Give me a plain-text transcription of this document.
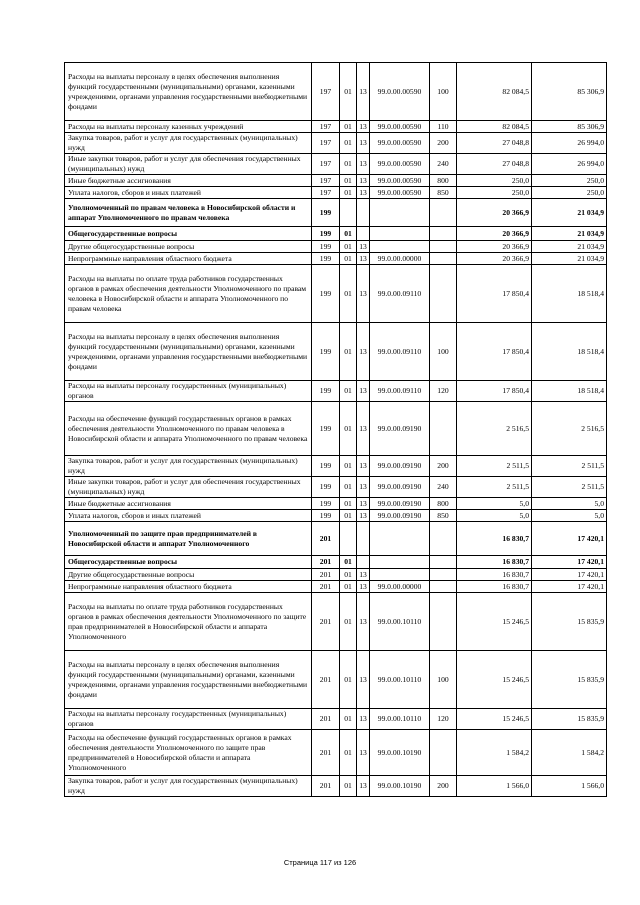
Расходы на выплаты персоналу в целях обеспечения выполнения функций государственными (муниципальными) органами, казенными учреждениями, органами управления государственными внебюджетными фондами	197	01	13	99.0.00.00590	100	82 084,5	85 306,9
Расходы на выплаты персоналу казенных учреждений	197	01	13	99.0.00.00590	110	82 084,5	85 306,9
Закупка товаров, работ и услуг для государственных (муниципальных) нужд	197	01	13	99.0.00.00590	200	27 048,8	26 994,0
Иные закупки товаров, работ и услуг для обеспечения государственных (муниципальных) нужд	197	01	13	99.0.00.00590	240	27 048,8	26 994,0
Иные бюджетные ассигнования	197	01	13	99.0.00.00590	800	250,0	250,0
Уплата налогов, сборов и иных платежей	197	01	13	99.0.00.00590	850	250,0	250,0
Уполномоченный по правам человека в Новосибирской области и аппарат Уполномоченного по правам человека	199					20 366,9	21 034,9
Общегосударственные вопросы	199	01				20 366,9	21 034,9
Другие общегосударственные вопросы	199	01	13			20 366,9	21 034,9
Непрограммные направления областного бюджета	199	01	13	99.0.00.00000		20 366,9	21 034,9
Расходы на выплаты по оплате труда работников государственных органов в рамках обеспечения деятельности Уполномоченного по правам человека в Новосибирской области и аппарата Уполномоченного по правам человека	199	01	13	99.0.00.09110		17 850,4	18 518,4
Расходы на выплаты персоналу в целях обеспечения выполнения функций государственными (муниципальными) органами, казенными учреждениями, органами управления государственными внебюджетными фондами	199	01	13	99.0.00.09110	100	17 850,4	18 518,4
Расходы на выплаты персоналу государственных (муниципальных) органов	199	01	13	99.0.00.09110	120	17 850,4	18 518,4
Расходы на обеспечение функций государственных органов в рамках обеспечения деятельности Уполномоченного по правам человека в Новосибирской области и аппарата Уполномоченного по правам человека	199	01	13	99.0.00.09190		2 516,5	2 516,5
Закупка товаров, работ и услуг для государственных (муниципальных) нужд	199	01	13	99.0.00.09190	200	2 511,5	2 511,5
Иные закупки товаров, работ и услуг для обеспечения государственных (муниципальных) нужд	199	01	13	99.0.00.09190	240	2 511,5	2 511,5
Иные бюджетные ассигнования	199	01	13	99.0.00.09190	800	5,0	5,0
Уплата налогов, сборов и иных платежей	199	01	13	99.0.00.09190	850	5,0	5,0
Уполномоченный по защите прав предпринимателей в Новосибирской области и аппарат Уполномоченного	201					16 830,7	17 420,1
Общегосударственные вопросы	201	01				16 830,7	17 420,1
Другие общегосударственные вопросы	201	01	13			16 830,7	17 420,1
Непрограммные направления областного бюджета	201	01	13	99.0.00.00000		16 830,7	17 420,1
Расходы на выплаты по оплате труда работников государственных органов в рамках обеспечения деятельности Уполномоченного по защите прав предпринимателей в Новосибирской области и аппарата Уполномоченного	201	01	13	99.0.00.10110		15 246,5	15 835,9
Расходы на выплаты персоналу в целях обеспечения выполнения функций государственными (муниципальными) органами, казенными учреждениями, органами управления государственными внебюджетными фондами	201	01	13	99.0.00.10110	100	15 246,5	15 835,9
Расходы на выплаты персоналу государственных (муниципальных) органов	201	01	13	99.0.00.10110	120	15 246,5	15 835,9
Расходы на обеспечение функций государственных органов в рамках обеспечения деятельности Уполномоченного по защите прав предпринимателей в Новосибирской области и аппарата Уполномоченного	201	01	13	99.0.00.10190		1 584,2	1 584,2
Закупка товаров, работ и услуг для государственных (муниципальных) нужд	201	01	13	99.0.00.10190	200	1 566,0	1 566,0
Страница 117 из 126
